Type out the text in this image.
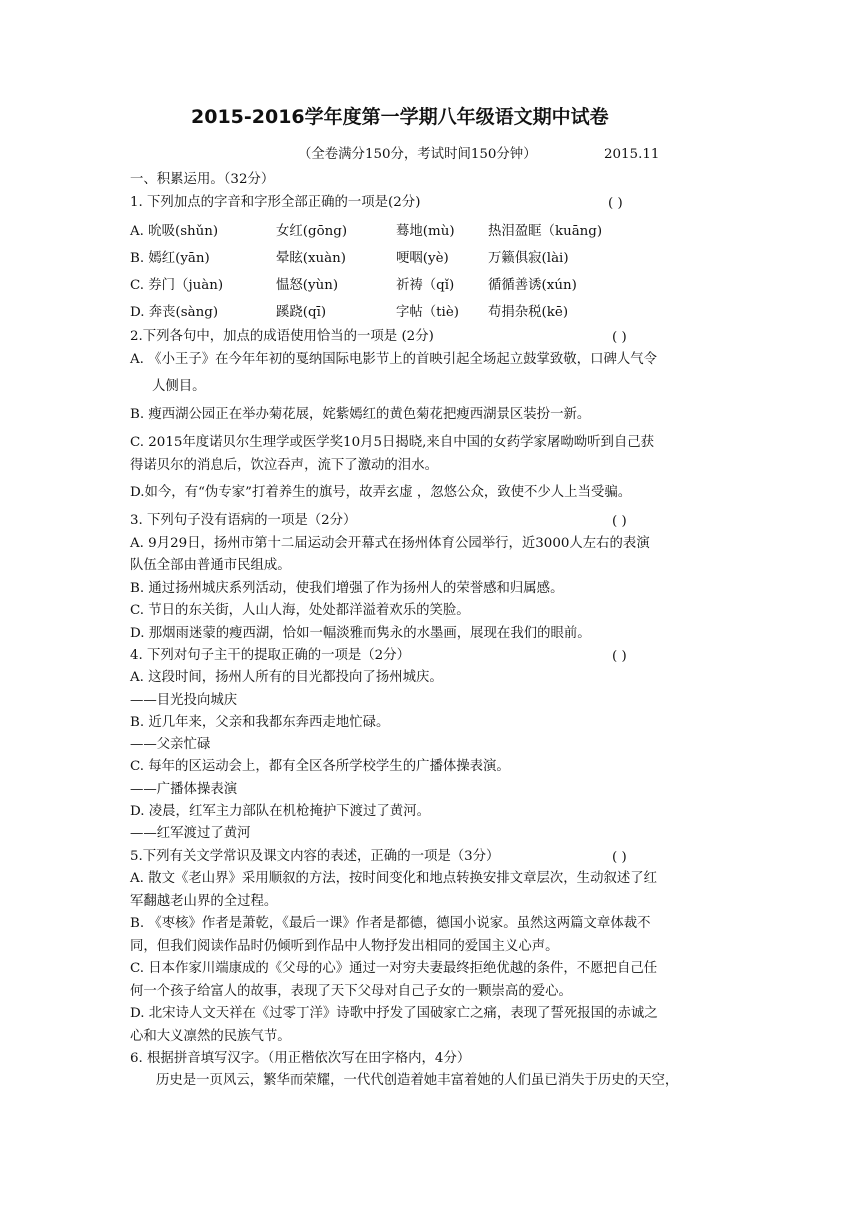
2015-2016学年度第一学期八年级语文期中试卷
（全卷满分150分，考试时间150分钟）	2015.11
一、积累运用。（32分）
1. 下列加点的字音和字形全部正确的一项是(2分)	( )
A. 吮吸(shǔn)	女红(gōng)	蓦地(mù) 热泪盈眶（kuāng)
B. 嫣红(yān)	晕眩(xuàn)	哽咽(yè)	万籁俱寂(lài)
C. 券门（juàn)	愠怒(yùn)	祈祷（qǐ)	循循善诱(xún)
D. 奔丧(sàng)	蹊跷(qī)	字帖（tiè) 苟捐杂税(kē)
2.下列各句中，加点的成语使用恰当的一项是 (2分)	( )
A. 《小王子》在今年年初的戛纳国际电影节上的首映引起全场起立鼓掌致敬，口碑人气令
人侧目。
B. 瘦西湖公园正在举办菊花展，姹紫嫣红的黄色菊花把瘦西湖景区装扮一新。
C. 2015年度诺贝尔生理学或医学奖10月5日揭晓,来自中国的女药学家屠呦呦听到自己获
得诺贝尔的消息后，饮泣吞声，流下了激动的泪水。
D.如今，有“伪专家”打着养生的旗号，故弄玄虚 ，忽悠公众，致使不少人上当受骗。
3. 下列句子没有语病的一项是（2分）	( )
A. 9月29日，扬州市第十二届运动会开幕式在扬州体育公园举行，近3000人左右的表演
队伍全部由普通市民组成。
B. 通过扬州城庆系列活动，使我们增强了作为扬州人的荣誉感和归属感。
C. 节日的东关街，人山人海，处处都洋溢着欢乐的笑脸。
D. 那烟雨迷蒙的瘦西湖，恰如一幅淡雅而隽永的水墨画，展现在我们的眼前。
4. 下列对句子主干的提取正确的一项是（2分）	( )
A. 这段时间，扬州人所有的目光都投向了扬州城庆。
——目光投向城庆
B. 近几年来，父亲和我都东奔西走地忙碌。
——父亲忙碌
C. 每年的区运动会上，都有全区各所学校学生的广播体操表演。
——广播体操表演
D. 凌晨，红军主力部队在机枪掩护下渡过了黄河。
——红军渡过了黄河
5.下列有关文学常识及课文内容的表述，正确的一项是（3分）	( )
A. 散文《老山界》采用顺叙的方法，按时间变化和地点转换安排文章层次，生动叙述了红
军翻越老山界的全过程。
B. 《枣核》作者是萧乾，《最后一课》作者是都德，德国小说家。虽然这两篇文章体裁不
同，但我们阅读作品时仍倾听到作品中人物抒发出相同的爱国主义心声。
C. 日本作家川端康成的《父母的心》通过一对穷夫妻最终拒绝优越的条件，不愿把自己任
何一个孩子给富人的故事，表现了天下父母对自己子女的一颗崇高的爱心。
D. 北宋诗人文天祥在《过零丁洋》诗歌中抒发了国破家亡之痛，表现了誓死报国的赤诚之
心和大义凛然的民族气节。
6. 根据拼音填写汉字。（用正楷依次写在田字格内，4分）
历史是一页风云，繁华而荣耀，一代代创造着她丰富着她的人们虽已消失于历史的天空，
